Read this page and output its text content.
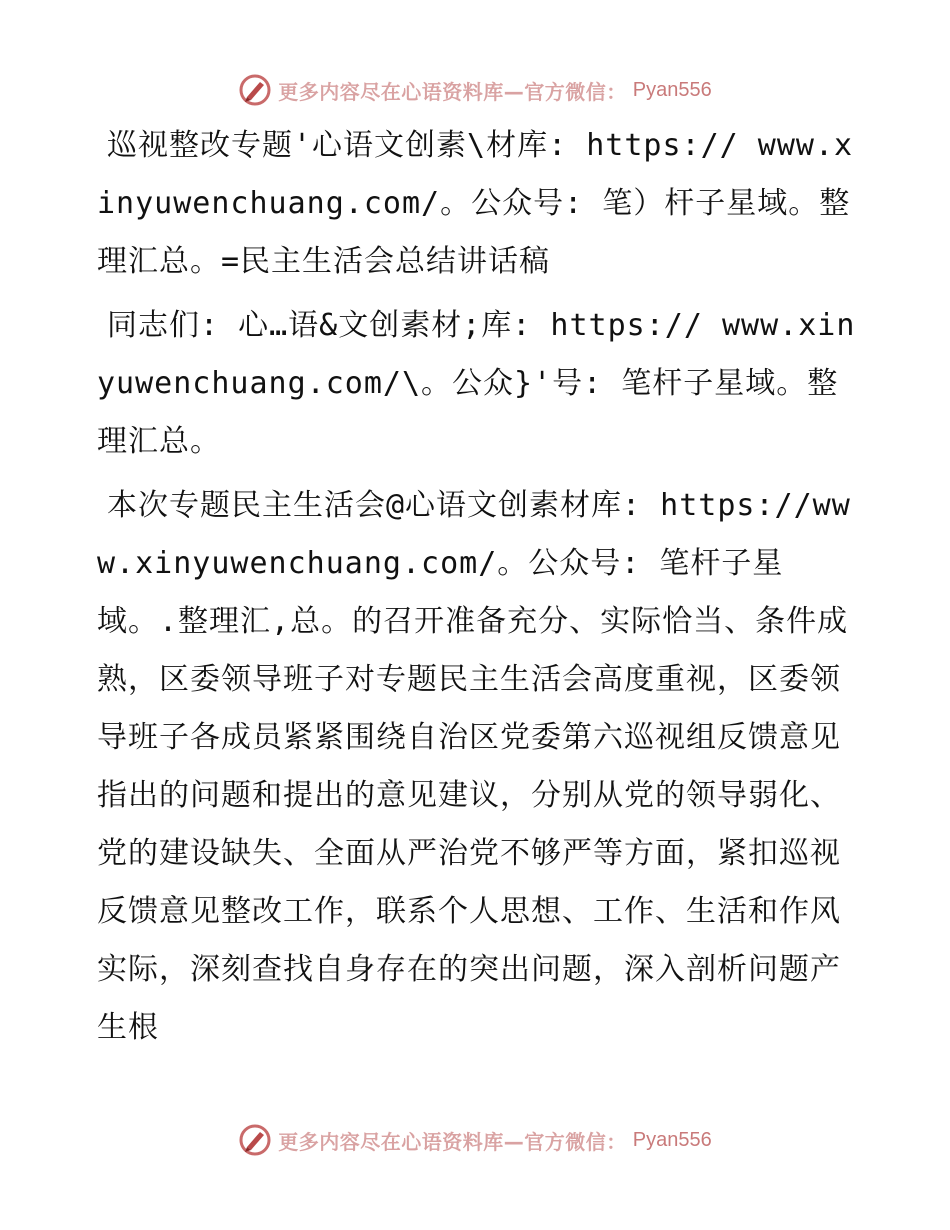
更多内容尽在心语资料库—官方微信： Pyan556

巡视整改专题'心语文创素\材库: https:// www.xinyuwenchuang.com/。公众号: 笔）杆子星域。整理汇总。=民主生活会总结讲话稿

同志们: 心…语&文创素材;库: https:// www.xinyuwenchuang.com/\。公众}'号: 笔杆子星域。整理汇总。

本次专题民主生活会@心语文创素材库: https://www.xinyuwenchuang.com/。公众号: 笔杆子星域。.整理汇,总。的召开准备充分、实际恰当、条件成熟，区委领导班子对专题民主生活会高度重视，区委领导班子各成员紧紧围绕自治区党委第六巡视组反馈意见指出的问题和提出的意见建议，分别从党的领导弱化、党的建设缺失、全面从严治党不够严等方面，紧扣巡视反馈意见整改工作，联系个人思想、工作、生活和作风实际，深刻查找自身存在的突出问题，深入剖析问题产生根

更多内容尽在心语资料库—官方微信： Pyan556
